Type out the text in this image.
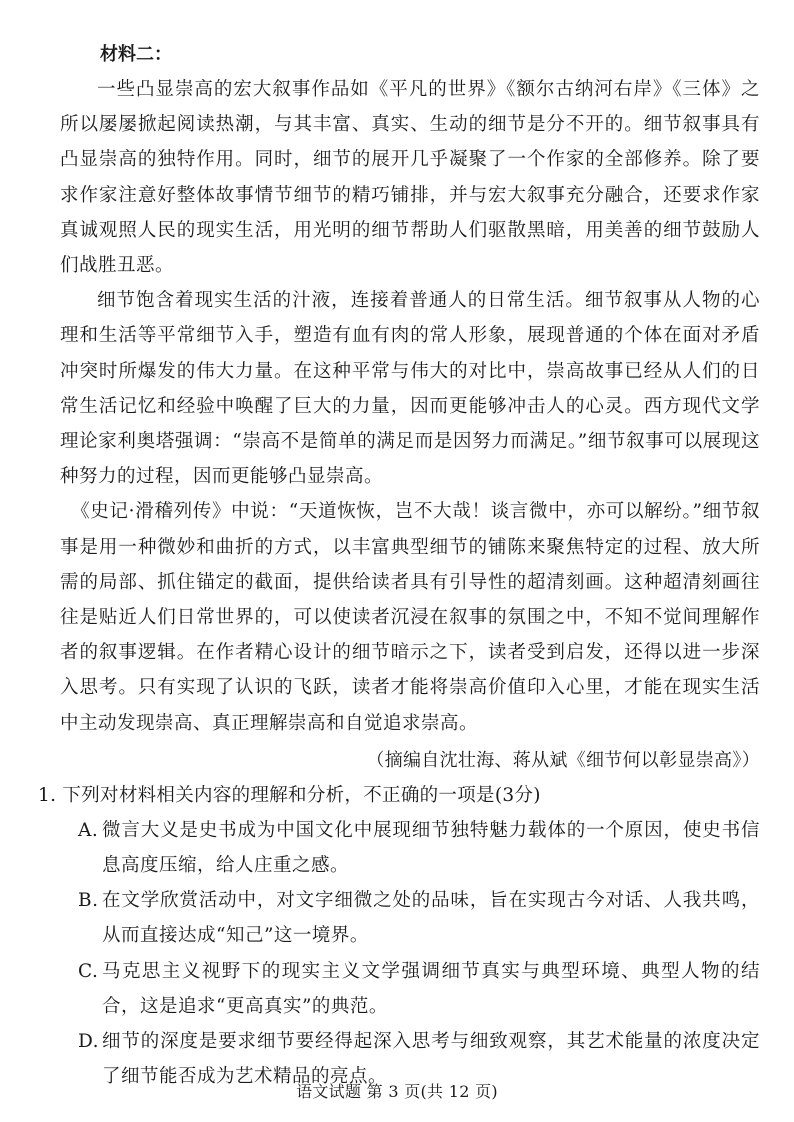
材料二：

一些凸显崇高的宏大叙事作品如《平凡的世界》《额尔古纳河右岸》《三体》之所以屡屡掀起阅读热潮，与其丰富、真实、生动的细节是分不开的。细节叙事具有凸显崇高的独特作用。同时，细节的展开几乎凝聚了一个作家的全部修养。除了要求作家注意好整体故事情节细节的精巧铺排，并与宏大叙事充分融合，还要求作家真诚观照人民的现实生活，用光明的细节帮助人们驱散黑暗，用美善的细节鼓励人们战胜丑恶。

细节饱含着现实生活的汁液，连接着普通人的日常生活。细节叙事从人物的心理和生活等平常细节入手，塑造有血有肉的常人形象，展现普通的个体在面对矛盾冲突时所爆发的伟大力量。在这种平常与伟大的对比中，崇高故事已经从人们的日常生活记忆和经验中唤醒了巨大的力量，因而更能够冲击人的心灵。西方现代文学理论家利奥塔强调：“崇高不是简单的满足而是因努力而满足。”细节叙事可以展现这种努力的过程，因而更能够凸显崇高。

《史记·滑稽列传》中说：“天道恢恢，岂不大哉！谈言微中，亦可以解纷。”细节叙事是用一种微妙和曲折的方式，以丰富典型细节的铺陈来聚焦特定的过程、放大所需的局部、抓住锚定的截面，提供给读者具有引导性的超清刻画。这种超清刻画往往是贴近人们日常世界的，可以使读者沉浸在叙事的氛围之中，不知不觉间理解作者的叙事逻辑。在作者精心设计的细节暗示之下，读者受到启发，还得以进一步深入思考。只有实现了认识的飞跃，读者才能将崇高价值印入心里，才能在现实生活中主动发现崇高、真正理解崇高和自觉追求崇高。

（摘编自沈壮海、蒋从斌《细节何以彰显崇高》）
1. 下列对材料相关内容的理解和分析，不正确的一项是(3分)
A. 微言大义是史书成为中国文化中展现细节独特魅力载体的一个原因，使史书信息高度压缩，给人庄重之感。
B. 在文学欣赏活动中，对文字细微之处的品味，旨在实现古今对话、人我共鸣，从而直接达成“知己”这一境界。
C. 马克思主义视野下的现实主义文学强调细节真实与典型环境、典型人物的结合，这是追求“更高真实”的典范。
D. 细节的深度是要求细节要经得起深入思考与细致观察，其艺术能量的浓度决定了细节能否成为艺术精品的亮点。
语文试题 第 3 页(共 12 页)
